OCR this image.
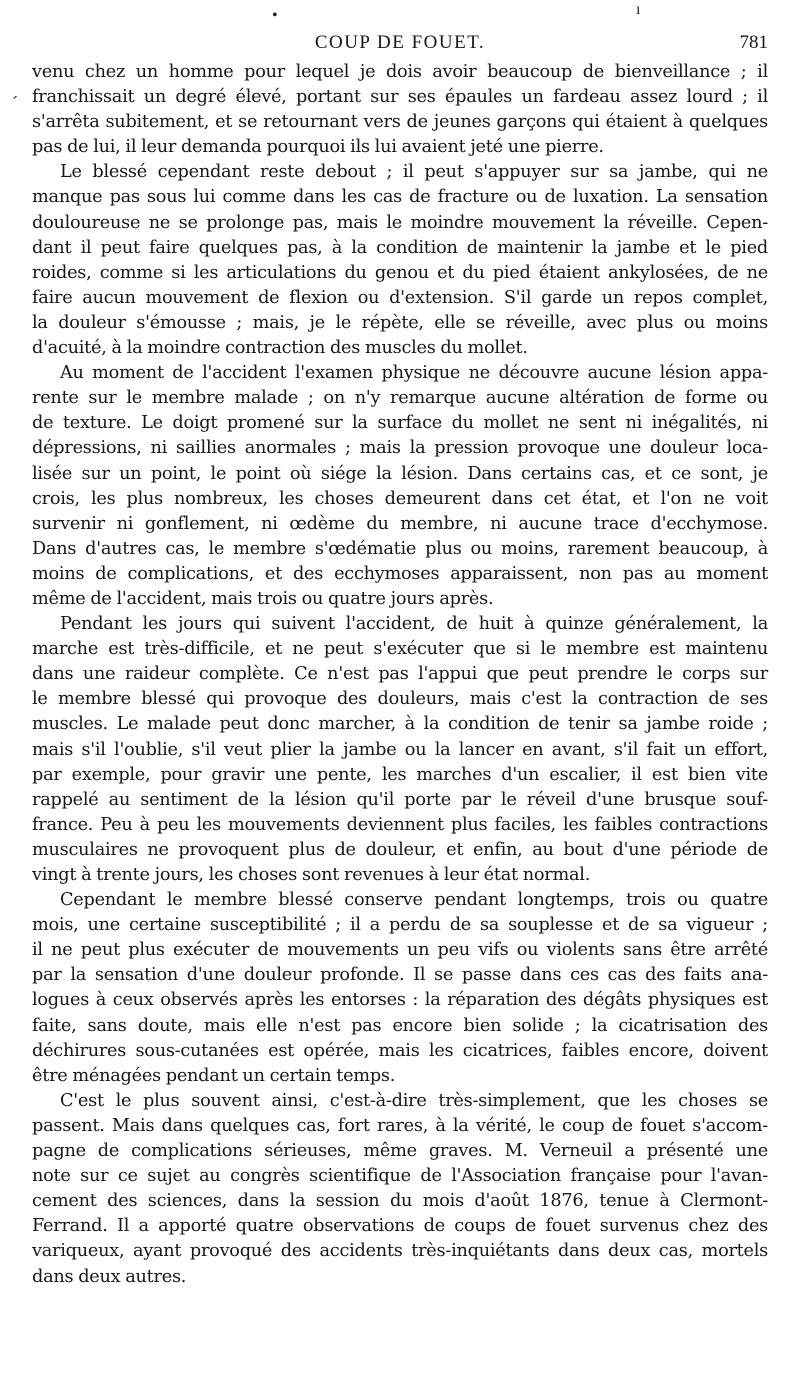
•	ı
´
COUP DE FOUET.	781

venu chez un homme pour lequel je dois avoir beaucoup de bienveillance ; il
franchissait un degré élevé, portant sur ses épaules un fardeau assez lourd ; il
s'arrêta subitement, et se retournant vers de jeunes garçons qui étaient à quelques
pas de lui, il leur demanda pourquoi ils lui avaient jeté une pierre.

Le blessé cependant reste debout ; il peut s'appuyer sur sa jambe, qui ne
manque pas sous lui comme dans les cas de fracture ou de luxation. La sensation
douloureuse ne se prolonge pas, mais le moindre mouvement la réveille. Cepen-
dant il peut faire quelques pas, à la condition de maintenir la jambe et le pied
roides, comme si les articulations du genou et du pied étaient ankylosées, de ne
faire aucun mouvement de flexion ou d'extension. S'il garde un repos complet,
la douleur s'émousse ; mais, je le répète, elle se réveille, avec plus ou moins
d'acuité, à la moindre contraction des muscles du mollet.

Au moment de l'accident l'examen physique ne découvre aucune lésion appa-
rente sur le membre malade ; on n'y remarque aucune altération de forme ou
de texture. Le doigt promené sur la surface du mollet ne sent ni inégalités, ni
dépressions, ni saillies anormales ; mais la pression provoque une douleur loca-
lisée sur un point, le point où siége la lésion. Dans certains cas, et ce sont, je
crois, les plus nombreux, les choses demeurent dans cet état, et l'on ne voit
survenir ni gonflement, ni œdème du membre, ni aucune trace d'ecchymose.
Dans d'autres cas, le membre s'œdématie plus ou moins, rarement beaucoup, à
moins de complications, et des ecchymoses apparaissent, non pas au moment
même de l'accident, mais trois ou quatre jours après.

Pendant les jours qui suivent l'accident, de huit à quinze généralement, la
marche est très-difficile, et ne peut s'exécuter que si le membre est maintenu
dans une raideur complète. Ce n'est pas l'appui que peut prendre le corps sur
le membre blessé qui provoque des douleurs, mais c'est la contraction de ses
muscles. Le malade peut donc marcher, à la condition de tenir sa jambe roide ;
mais s'il l'oublie, s'il veut plier la jambe ou la lancer en avant, s'il fait un effort,
par exemple, pour gravir une pente, les marches d'un escalier, il est bien vite
rappelé au sentiment de la lésion qu'il porte par le réveil d'une brusque souf-
france. Peu à peu les mouvements deviennent plus faciles, les faibles contractions
musculaires ne provoquent plus de douleur, et enfin, au bout d'une période de
vingt à trente jours, les choses sont revenues à leur état normal.

Cependant le membre blessé conserve pendant longtemps, trois ou quatre
mois, une certaine susceptibilité ; il a perdu de sa souplesse et de sa vigueur ;
il ne peut plus exécuter de mouvements un peu vifs ou violents sans être arrêté
par la sensation d'une douleur profonde. Il se passe dans ces cas des faits ana-
logues à ceux observés après les entorses : la réparation des dégâts physiques est
faite, sans doute, mais elle n'est pas encore bien solide ; la cicatrisation des
déchirures sous-cutanées est opérée, mais les cicatrices, faibles encore, doivent
être ménagées pendant un certain temps.

C'est le plus souvent ainsi, c'est-à-dire très-simplement, que les choses se
passent. Mais dans quelques cas, fort rares, à la vérité, le coup de fouet s'accom-
pagne de complications sérieuses, même graves. M. Verneuil a présenté une
note sur ce sujet au congrès scientifique de l'Association française pour l'avan-
cement des sciences, dans la session du mois d'août 1876, tenue à Clermont-
Ferrand. Il a apporté quatre observations de coups de fouet survenus chez des
variqueux, ayant provoqué des accidents très-inquiétants dans deux cas, mortels
dans deux autres.
